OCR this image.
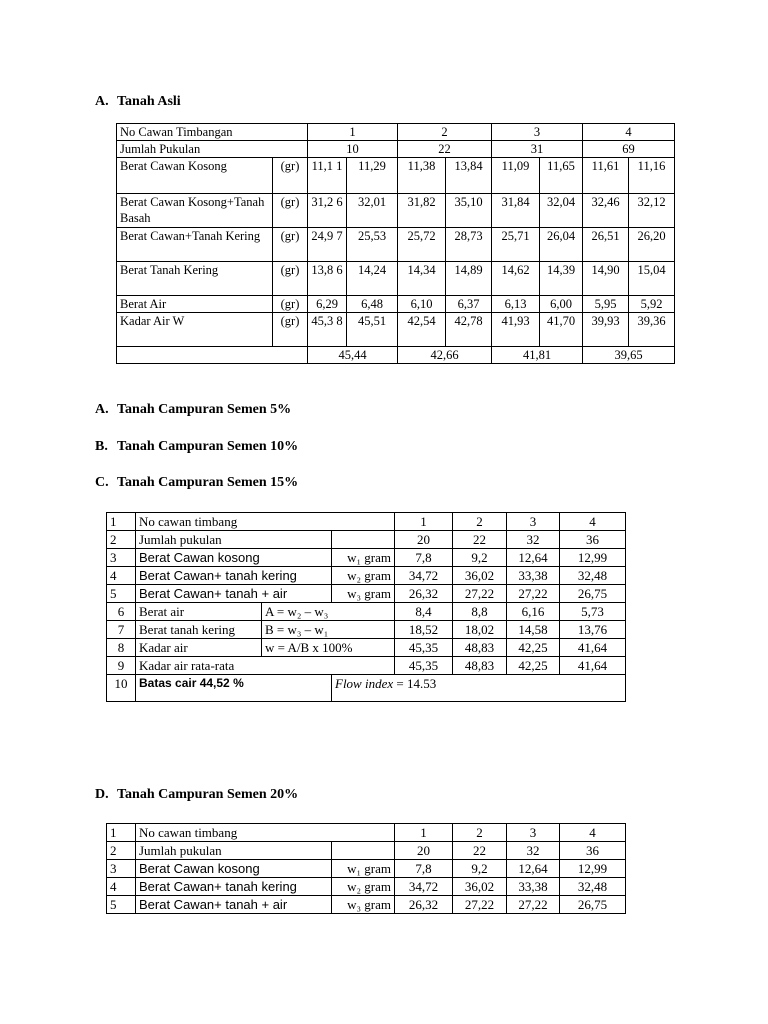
A. Tanah Asli
No Cawan Timbangan		1		2		3		4	
Jumlah Pukulan		10		22		31		69	
Berat Cawan Kosong	(gr)	11,1 1	11,29	11,38	13,84	11,09	11,65	11,61	11,16
Berat Cawan Kosong+Tanah Basah	(gr)	31,2 6	32,01	31,82	35,10	31,84	32,04	32,46	32,12
Berat Cawan+Tanah Kering	(gr)	24,9 7	25,53	25,72	28,73	25,71	26,04	26,51	26,20
Berat Tanah Kering	(gr)	13,8 6	14,24	14,34	14,89	14,62	14,39	14,90	15,04
Berat Air	(gr)	6,29	6,48	6,10	6,37	6,13	6,00	5,95	5,92
Kadar Air W	(gr)	45,3 8	45,51	42,54	42,78	41,93	41,70	39,93	39,36
		45,44		42,66		41,81		39,65	
A. Tanah Campuran Semen 5%
B. Tanah Campuran Semen 10%
C. Tanah Campuran Semen 15%
1	No cawan timbang			1	2	3	4
2	Jumlah pukulan			20	22	32	36
3	Berat Cawan kosong		w₁ gram	7,8	9,2	12,64	12,99
4	Berat Cawan+ tanah kering		w₂ gram	34,72	36,02	33,38	32,48
5	Berat Cawan+ tanah + air		w₃ gram	26,32	27,22	27,22	26,75
6	Berat air	A = w₂ – w₃		8,4	8,8	6,16	5,73
7	Berat tanah kering	B = w₃ – w₁		18,52	18,02	14,58	13,76
8	Kadar air	w = A/B x 100%		45,35	48,83	42,25	41,64
9	Kadar air rata-rata			45,35	48,83	42,25	41,64
10	Batas cair 44,52 %		Flow index = 14.53				
D. Tanah Campuran Semen 20%
1	No cawan timbang		1	2	3	4
2	Jumlah pukulan		20	22	32	36
3	Berat Cawan kosong	w₁ gram	7,8	9,2	12,64	12,99
4	Berat Cawan+ tanah kering	w₂ gram	34,72	36,02	33,38	32,48
5	Berat Cawan+ tanah + air	w₃ gram	26,32	27,22	27,22	26,75
